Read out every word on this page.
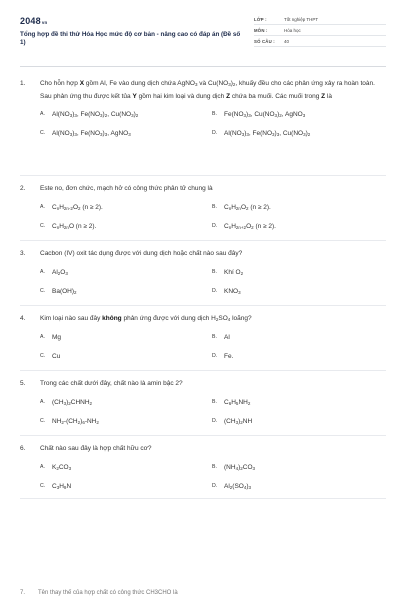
2048vn
Tổng hợp đề thi thử Hóa Học mức độ cơ bản - nâng cao có đáp án (Đề số 1)
LỚP :	Tốt nghiệp THPT
MÔN :	Hóa học
SỐ CÂU : 40
1. Cho hỗn hợp X gồm Al, Fe vào dung dịch chứa AgNO$_3$ và $Cu(NO_3)_2$, khuấy đều cho các phản ứng xảy ra hoàn toàn. Sau phản ứng thu được kết tủa Y gồm hai kim loại và dung dịch Z chứa ba muối. Các muối trong Z là
A. $Al(NO_3)_3$, $Fe(NO_3)_2$, $Cu(NO_3)_2$	B. $Fe(NO_3)_3$, $Cu(NO_3)_2$, AgNO$_3$
C. $Al(NO_3)_3$, $Fe(NO_3)_3$, AgNO$_3$	D. $Al(NO_3)_3$, $Fe(NO_3)_3$, $Cu(NO_3)_2$
2. Este no, đơn chức, mạch hở có công thức phân tử chung là
A. $C_nH_{2n-2}O_2$ (n ≥ 2).	B. $C_nH_{2n}O_2$ (n ≥ 2).
C. $C_nH_{2n}O$ (n ≥ 2).	D. $C_nH_{2n+2}O_2$ (n ≥ 2).
3. Cacbon (IV) oxit tác dụng được với dung dịch hoặc chất nào sau đây?
A. $Al_2O_3$	B. Khí $O_2$
C. $Ba(OH)_2$	D. $KNO_3$
4. Kim loại nào sau đây không phản ứng được với dung dịch $H_2SO_4$ loãng?
A. Mg	B. Al
C. Cu	D. Fe.
5. Trong các chất dưới đây, chất nào là amin bậc 2?
A. $(CH_3)_2CHNH_2$	B. $C_6H_5NH_2$
C. $NH_2-(CH_2)_6-NH_2$	D. $(CH_3)_2NH$
6. Chất nào sau đây là hợp chất hữu cơ?
A. $K_2CO_3$	B. $(NH_4)_2CO_3$
C. $C_3H_9N$	D. $Al_2(SO_4)_3$
7. Tên thay thế của hợp chất có công thức CH3CHO là
